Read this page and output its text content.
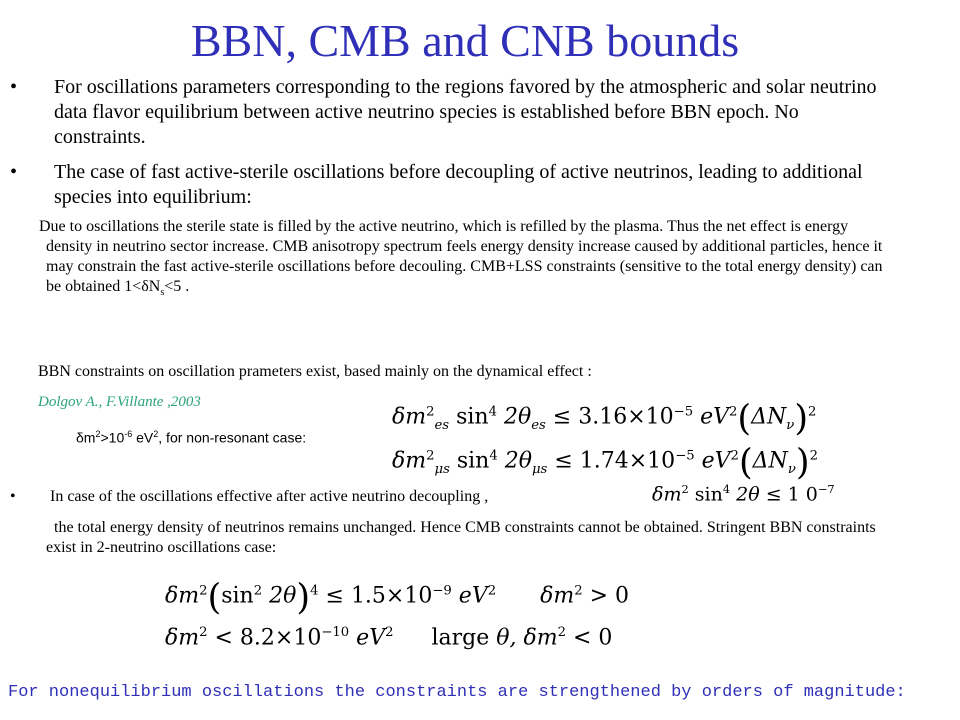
BBN, CMB and CNB bounds
• For oscillations parameters corresponding to the regions favored by the atmospheric and solar neutrino data flavor equilibrium between active neutrino species is established before BBN epoch. No constraints.
• The case of fast active-sterile oscillations before decoupling of active neutrinos, leading to additional species into equilibrium:
Due to oscillations the sterile state is filled by the active neutrino, which is refilled by the plasma. Thus the net effect is energy density in neutrino sector increase. CMB anisotropy spectrum feels energy density increase caused by additional particles, hence it may constrain the fast active-sterile oscillations before decouling. CMB+LSS constraints (sensitive to the total energy density) can be obtained $1<\delta N_s<5$ .
BBN constraints on oscillation prameters exist, based mainly on the dynamical effect :
Dolgov A., F.Villante ,2003
$\delta m^2>10^{-6}$ $eV^2$, for non-resonant case:
$\delta m^2_{es}$ $\sin^4 2\theta_{es} \le 3.16\times 10^{-5}$ $eV^2(\Delta N_\nu)^2$
$\delta m^2_{\mu s}$ $\sin^4 2\theta_{\mu s} \le 1.74\times 10^{-5}$ $eV^2(\Delta N_\nu)^2$
• In case of the oscillations effective after active neutrino decoupling ,	$\delta m^2$ $\sin^4 2\theta \le 1$ $0^{-7}$
the total energy density of neutrinos remains unchanged. Hence CMB constraints cannot be obtained. Stringent BBN constraints exist in 2-neutrino oscillations case:
$\delta m^2(\sin^2$ $2\theta)^4 \le 1.5\times 10^{-9}$ $eV^2$ $\delta m^2 > 0$
$\delta m^2 < 8.2\times 10^{-10}$ $eV^2$ large θ, $\delta m^2 < 0$
For nonequilibrium oscillations the constraints are strengthened by orders of magnitude:
